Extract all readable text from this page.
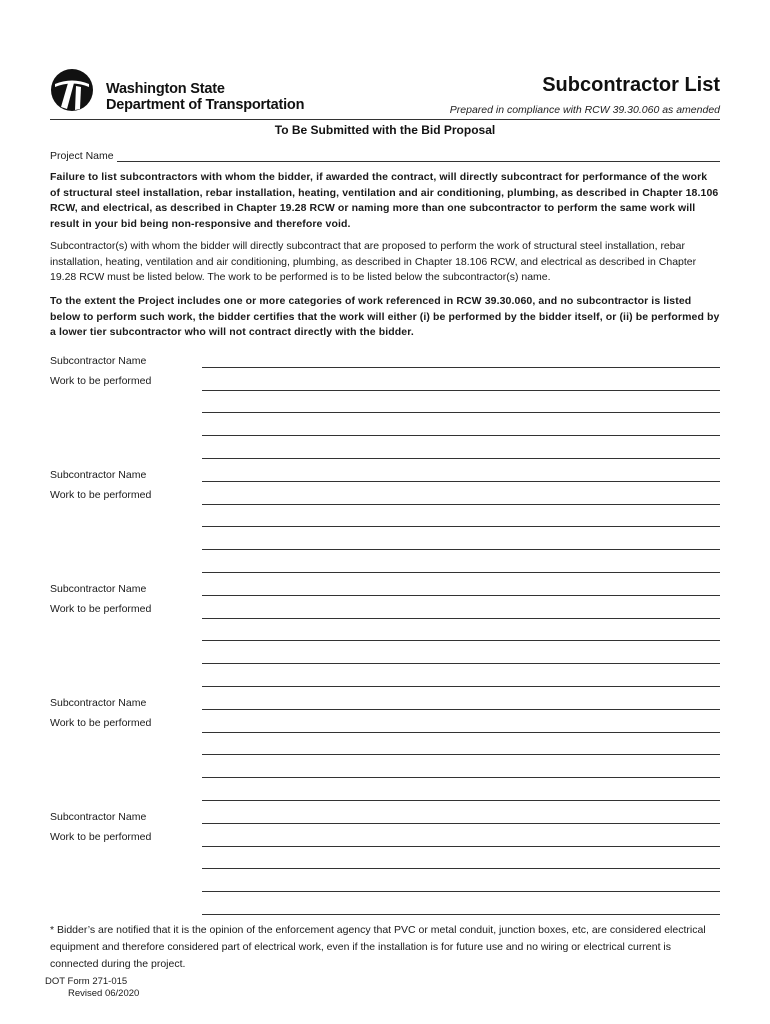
Washington State
Department of Transportation
Subcontractor List
Prepared in compliance with RCW 39.30.060 as amended
To Be Submitted with the Bid Proposal
Project Name
Failure to list subcontractors with whom the bidder, if awarded the contract, will directly subcontract for performance of the work of structural steel installation, rebar installation, heating, ventilation and air conditioning, plumbing, as described in Chapter 18.106 RCW, and electrical, as described in Chapter 19.28 RCW or naming more than one subcontractor to perform the same work will result in your bid being non-responsive and therefore void.
Subcontractor(s) with whom the bidder will directly subcontract that are proposed to perform the work of structural steel installation, rebar installation, heating, ventilation and air conditioning, plumbing, as described in Chapter 18.106 RCW, and electrical as described in Chapter 19.28 RCW must be listed below. The work to be performed is to be listed below the subcontractor(s) name.
To the extent the Project includes one or more categories of work referenced in RCW 39.30.060, and no subcontractor is listed below to perform such work, the bidder certifies that the work will either (i) be performed by the bidder itself, or (ii) be performed by a lower tier subcontractor who will not contract directly with the bidder.
Subcontractor Name
Work to be performed
Subcontractor Name
Work to be performed
Subcontractor Name
Work to be performed
Subcontractor Name
Work to be performed
Subcontractor Name
Work to be performed
* Bidder’s are notified that it is the opinion of the enforcement agency that PVC or metal conduit, junction boxes, etc, are considered electrical equipment and therefore considered part of electrical work, even if the installation is for future use and no wiring or electrical current is connected during the project.
DOT Form 271-015
Revised 06/2020
